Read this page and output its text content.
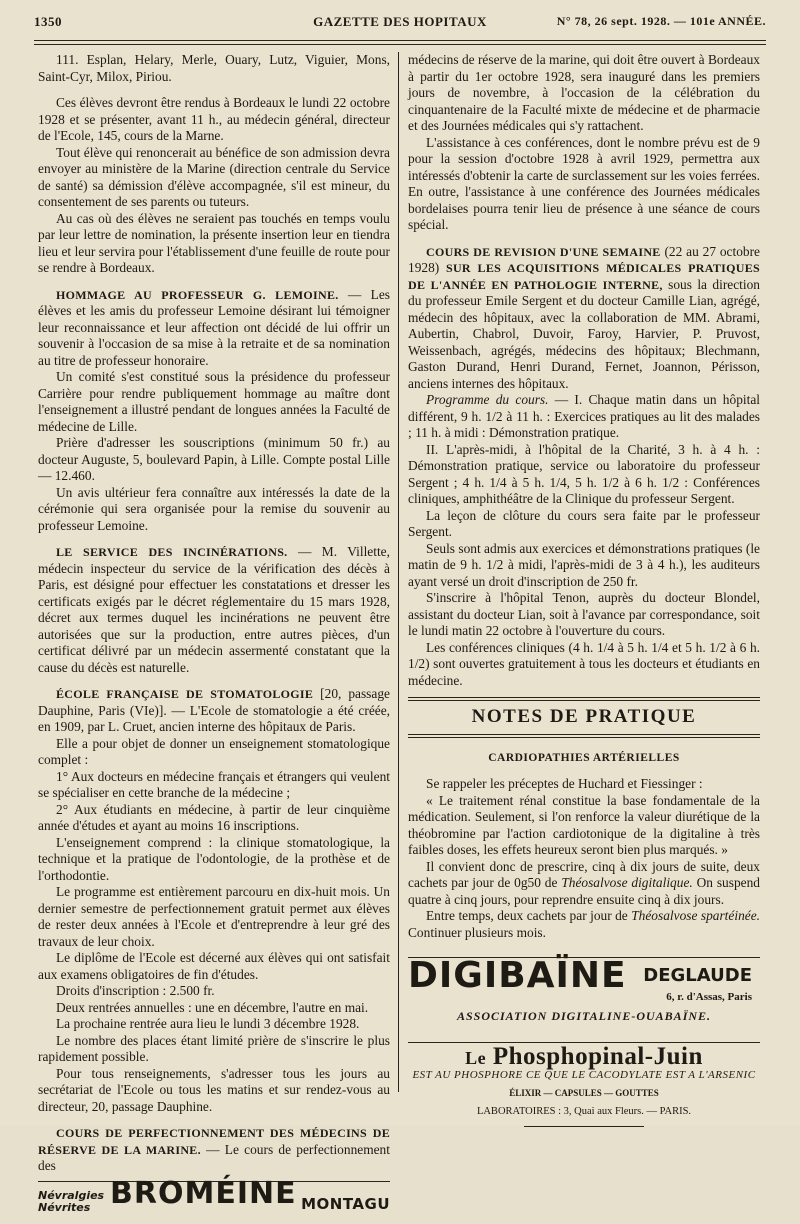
1350	GAZETTE DES HOPITAUX	N° 78, 26 sept. 1928. — 101e ANNÉE.

111. Esplan, Helary, Merle, Ouary, Lutz, Viguier, Mons, Saint-Cyr, Milox, Piriou.

Ces élèves devront être rendus à Bordeaux le lundi 22 octobre 1928 et se présenter, avant 11 h., au médecin général, directeur de l'Ecole, 145, cours de la Marne.

Tout élève qui renoncerait au bénéfice de son admission devra envoyer au ministère de la Marine (direction centrale du Service de santé) sa démission d'élève accompagnée, s'il est mineur, du consentement de ses parents ou tuteurs.

Au cas où des élèves ne seraient pas touchés en temps voulu par leur lettre de nomination, la présente insertion leur en tiendra lieu et leur servira pour l'établissement d'une feuille de route pour se rendre à Bordeaux.

HOMMAGE AU PROFESSEUR G. LEMOINE. — Les élèves et les amis du professeur Lemoine désirant lui témoigner leur reconnaissance et leur affection ont décidé de lui offrir un souvenir à l'occasion de sa mise à la retraite et de sa nomination au titre de professeur honoraire.

Un comité s'est constitué sous la présidence du professeur Carrière pour rendre publiquement hommage au maître dont l'enseignement a illustré pendant de longues années la Faculté de médecine de Lille.

Prière d'adresser les souscriptions (minimum 50 fr.) au docteur Auguste, 5, boulevard Papin, à Lille. Compte postal Lille — 12.460.

Un avis ultérieur fera connaître aux intéressés la date de la cérémonie qui sera organisée pour la remise du souvenir au professeur Lemoine.

LE SERVICE DES INCINÉRATIONS. — M. Villette, médecin inspecteur du service de la vérification des décès à Paris, est désigné pour effectuer les constatations et dresser les certificats exigés par le décret réglementaire du 15 mars 1928, décret aux termes duquel les incinérations ne peuvent être autorisées que sur la production, entre autres pièces, d'un certificat délivré par un médecin assermenté constatant que la cause du décès est naturelle.

ÉCOLE FRANÇAISE DE STOMATOLOGIE [20, passage Dauphine, Paris (VIe)]. — L'Ecole de stomatologie a été créée, en 1909, par L. Cruet, ancien interne des hôpitaux de Paris.

Elle a pour objet de donner un enseignement stomatologique complet :

1° Aux docteurs en médecine français et étrangers qui veulent se spécialiser en cette branche de la médecine ;

2° Aux étudiants en médecine, à partir de leur cinquième année d'études et ayant au moins 16 inscriptions.

L'enseignement comprend : la clinique stomatologique, la technique et la pratique de l'odontologie, de la prothèse et de l'orthodontie.

Le programme est entièrement parcouru en dix-huit mois. Un dernier semestre de perfectionnement gratuit permet aux élèves de rester deux années à l'Ecole et d'entreprendre à leur gré des travaux de leur choix.

Le diplôme de l'Ecole est décerné aux élèves qui ont satisfait aux examens obligatoires de fin d'études.

Droits d'inscription : 2.500 fr.

Deux rentrées annuelles : une en décembre, l'autre en mai.

La prochaine rentrée aura lieu le lundi 3 décembre 1928.

Le nombre des places étant limité prière de s'inscrire le plus rapidement possible.

Pour tous renseignements, s'adresser tous les jours au secrétariat de l'Ecole ou tous les matins et sur rendez-vous au directeur, 20, passage Dauphine.

COURS DE PERFECTIONNEMENT DES MÉDECINS DE RÉSERVE DE LA MARINE. — Le cours de perfectionnement des

Névralgies
Névrites BROMÉINE MONTAGU

médecins de réserve de la marine, qui doit être ouvert à Bordeaux à partir du 1er octobre 1928, sera inauguré dans les premiers jours de novembre, à l'occasion de la célébration du cinquantenaire de la Faculté mixte de médecine et de pharmacie et des Journées médicales qui s'y rattachent.

L'assistance à ces conférences, dont le nombre prévu est de 9 pour la session d'octobre 1928 à avril 1929, permettra aux intéressés d'obtenir la carte de surclassement sur les voies ferrées. En outre, l'assistance à une conférence des Journées médicales bordelaises pourra tenir lieu de présence à une séance de cours spécial.

COURS DE REVISION D'UNE SEMAINE (22 au 27 octobre 1928) SUR LES ACQUISITIONS MÉDICALES PRATIQUES DE L'ANNÉE EN PATHOLOGIE INTERNE, sous la direction du professeur Emile Sergent et du docteur Camille Lian, agrégé, médecin des hôpitaux, avec la collaboration de MM. Abrami, Aubertin, Chabrol, Duvoir, Faroy, Harvier, P. Pruvost, Weissenbach, agrégés, médecins des hôpitaux; Blechmann, Gaston Durand, Henri Durand, Fernet, Joannon, Périsson, anciens internes des hôpitaux.

Programme du cours. — I. Chaque matin dans un hôpital différent, 9 h. 1/2 à 11 h. : Exercices pratiques au lit des malades ; 11 h. à midi : Démonstration pratique.

II. L'après-midi, à l'hôpital de la Charité, 3 h. à 4 h. : Démonstration pratique, service ou laboratoire du professeur Sergent ; 4 h. 1/4 à 5 h. 1/4, 5 h. 1/2 à 6 h. 1/2 : Conférences cliniques, amphithéâtre de la Clinique du professeur Sergent.

La leçon de clôture du cours sera faite par le professeur Sergent.

Seuls sont admis aux exercices et démonstrations pratiques (le matin de 9 h. 1/2 à midi, l'après-midi de 3 à 4 h.), les auditeurs ayant versé un droit d'inscription de 250 fr.

S'inscrire à l'hôpital Tenon, auprès du docteur Blondel, assistant du docteur Lian, soit à l'avance par correspondance, soit le lundi matin 22 octobre à l'ouverture du cours.

Les conférences cliniques (4 h. 1/4 à 5 h. 1/4 et 5 h. 1/2 à 6 h. 1/2) sont ouvertes gratuitement à tous les docteurs et étudiants en médecine.

NOTES DE PRATIQUE
CARDIOPATHIES ARTÉRIELLES

Se rappeler les préceptes de Huchard et Fiessinger :

« Le traitement rénal constitue la base fondamentale de la médication. Seulement, si l'on renforce la valeur diurétique de la théobromine par l'action cardiotonique de la digitaline à très faibles doses, les effets heureux seront bien plus marqués. »

Il convient donc de prescrire, cinq à dix jours de suite, deux cachets par jour de 0g50 de Théosalvose digitalique. On suspend quatre à cinq jours, pour reprendre ensuite cinq à dix jours.

Entre temps, deux cachets par jour de Théosalvose spartéinée. Continuer plusieurs mois.

DIGIBAÏNE DEGLAUDE
6, r. d'Assas, Paris
ASSOCIATION DIGITALINE-OUABAÏNE.
Le Phosphopinal-Juin
EST AU PHOSPHORE CE QUE LE CACODYLATE EST A L'ARSENIC
ÉLIXIR — CAPSULES — GOUTTES
LABORATOIRES : 3, Quai aux Fleurs. — PARIS.
